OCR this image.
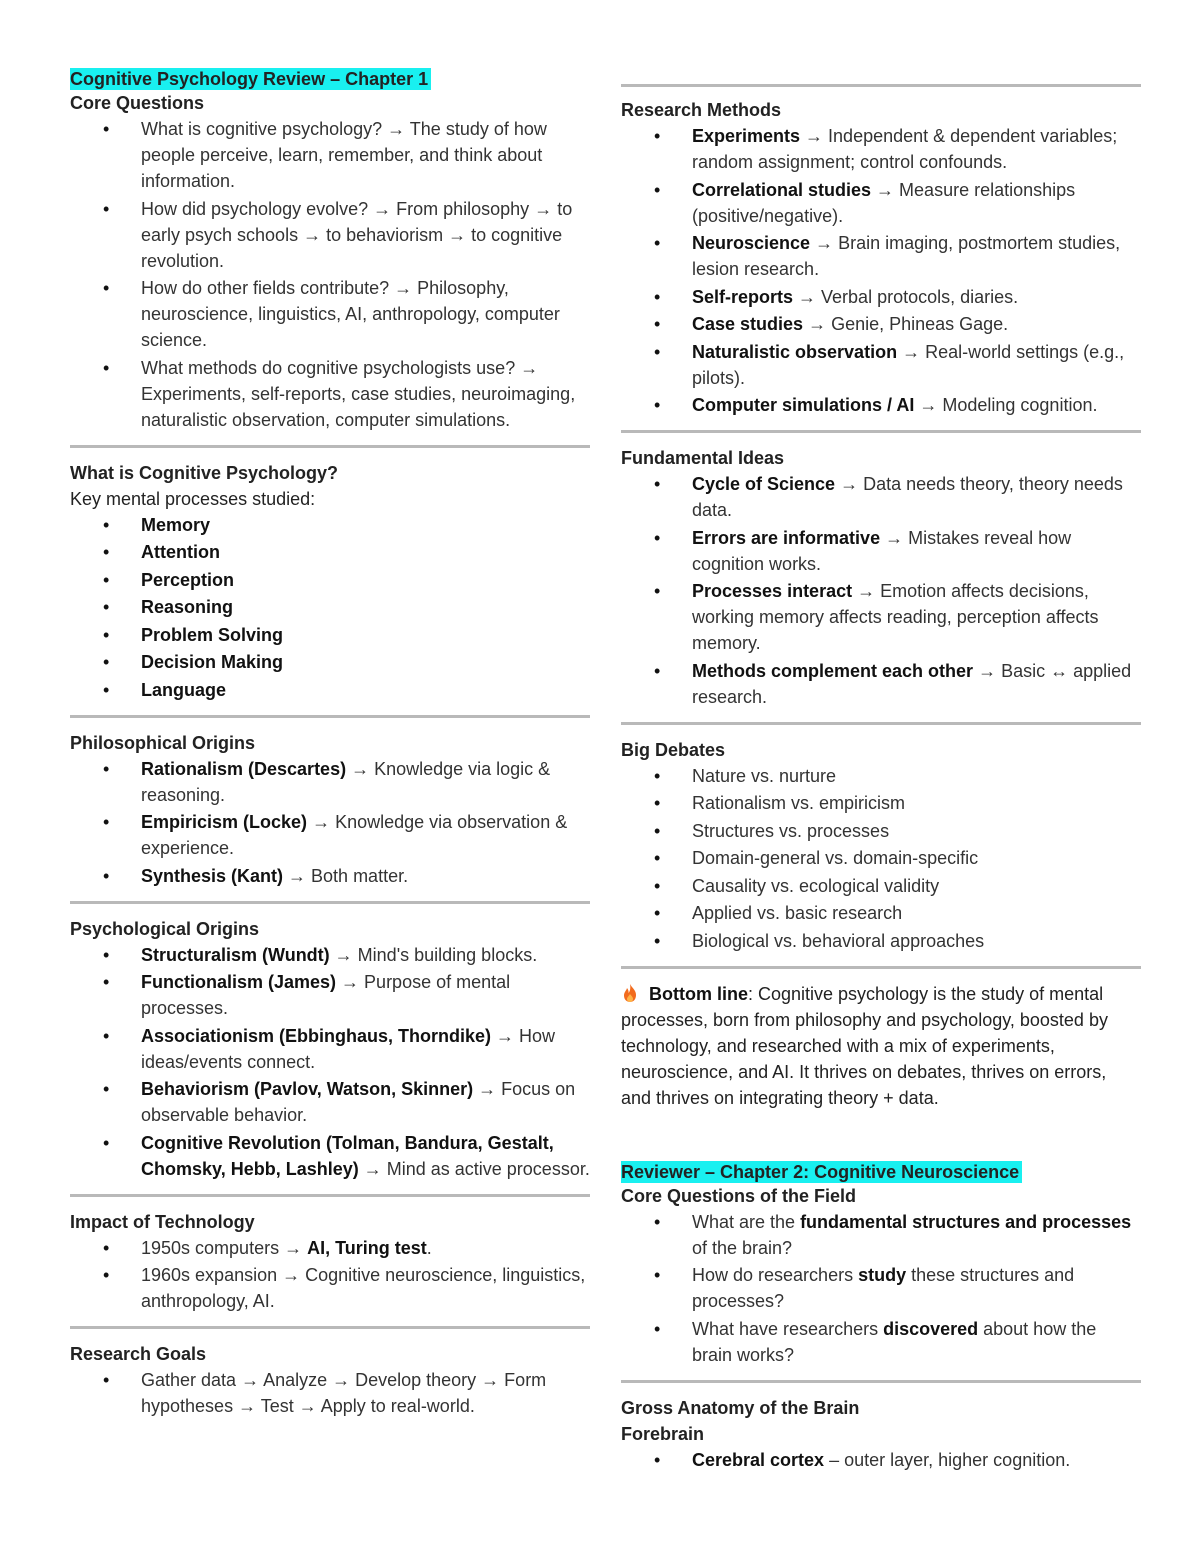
Cognitive Psychology Review – Chapter 1
Core Questions
• What is cognitive psychology? → The study of how people perceive, learn, remember, and think about information.
• How did psychology evolve? → From philosophy → to early psych schools → to behaviorism → to cognitive revolution.
• How do other fields contribute? → Philosophy, neuroscience, linguistics, AI, anthropology, computer science.
• What methods do cognitive psychologists use? → Experiments, self-reports, case studies, neuroimaging, naturalistic observation, computer simulations.
What is Cognitive Psychology?
Key mental processes studied:
• Memory
• Attention
• Perception
• Reasoning
• Problem Solving
• Decision Making
• Language
Philosophical Origins
• Rationalism (Descartes) → Knowledge via logic & reasoning.
• Empiricism (Locke) → Knowledge via observation & experience.
• Synthesis (Kant) → Both matter.
Psychological Origins
• Structuralism (Wundt) → Mind's building blocks.
• Functionalism (James) → Purpose of mental processes.
• Associationism (Ebbinghaus, Thorndike) → How ideas/events connect.
• Behaviorism (Pavlov, Watson, Skinner) → Focus on observable behavior.
• Cognitive Revolution (Tolman, Bandura, Gestalt, Chomsky, Hebb, Lashley) → Mind as active processor.
Impact of Technology
• 1950s computers → AI, Turing test.
• 1960s expansion → Cognitive neuroscience, linguistics, anthropology, AI.
Research Goals
• Gather data → Analyze → Develop theory → Form hypotheses → Test → Apply to real-world.
Research Methods
• Experiments → Independent & dependent variables; random assignment; control confounds.
• Correlational studies → Measure relationships (positive/negative).
• Neuroscience → Brain imaging, postmortem studies, lesion research.
• Self-reports → Verbal protocols, diaries.
• Case studies → Genie, Phineas Gage.
• Naturalistic observation → Real-world settings (e.g., pilots).
• Computer simulations / AI → Modeling cognition.
Fundamental Ideas
• Cycle of Science → Data needs theory, theory needs data.
• Errors are informative → Mistakes reveal how cognition works.
• Processes interact → Emotion affects decisions, working memory affects reading, perception affects memory.
• Methods complement each other → Basic ↔ applied research.
Big Debates
• Nature vs. nurture
• Rationalism vs. empiricism
• Structures vs. processes
• Domain-general vs. domain-specific
• Causality vs. ecological validity
• Applied vs. basic research
• Biological vs. behavioral approaches
Bottom line: Cognitive psychology is the study of mental processes, born from philosophy and psychology, boosted by technology, and researched with a mix of experiments, neuroscience, and AI. It thrives on debates, thrives on errors, and thrives on integrating theory + data.
Reviewer – Chapter 2: Cognitive Neuroscience
Core Questions of the Field
• What are the fundamental structures and processes of the brain?
• How do researchers study these structures and processes?
• What have researchers discovered about how the brain works?
Gross Anatomy of the Brain
Forebrain
• Cerebral cortex – outer layer, higher cognition.
